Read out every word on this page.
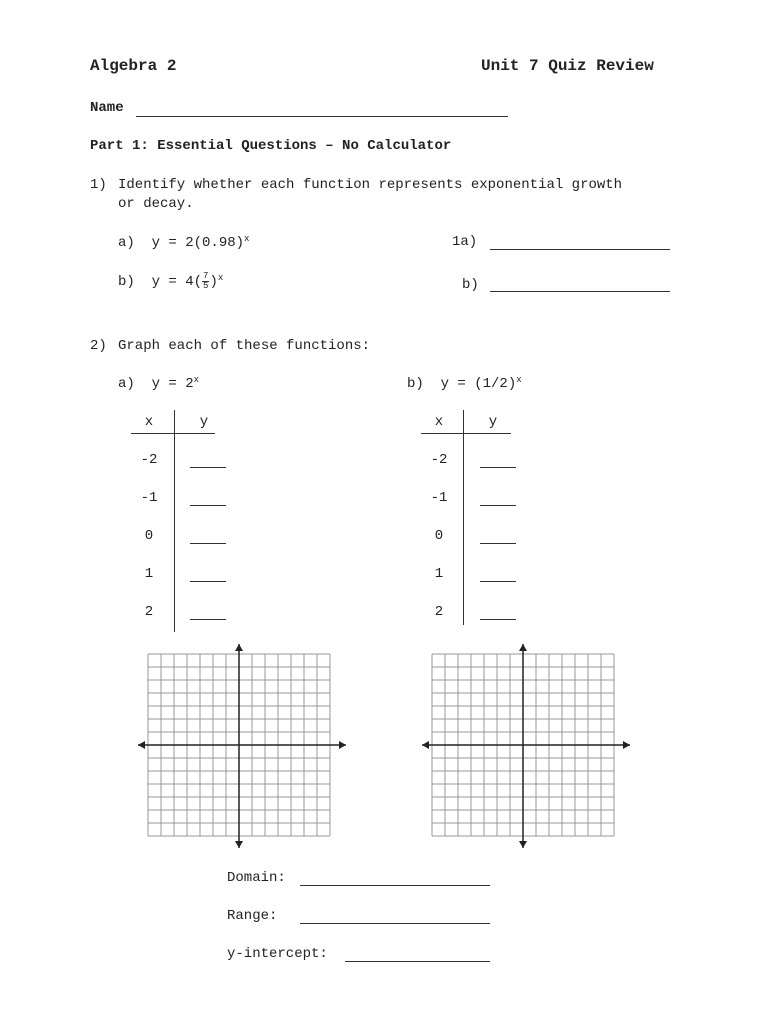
Algebra 2	Unit 7 Quiz Review
Name
Part 1: Essential Questions – No Calculator
1) Identify whether each function represents exponential growth
or decay.
a) $y = 2(0.98)^x$	1a)
b) $y = 4( \frac{7}{5} )^x$	b)
2) Graph each of these functions:
a) $y = 2^x$	b) $y = (1/2)^x$
x	y
-2
-1
0
1
2
x	y
-2
-1
0
1
2
Domain:
Range:
y-intercept:
